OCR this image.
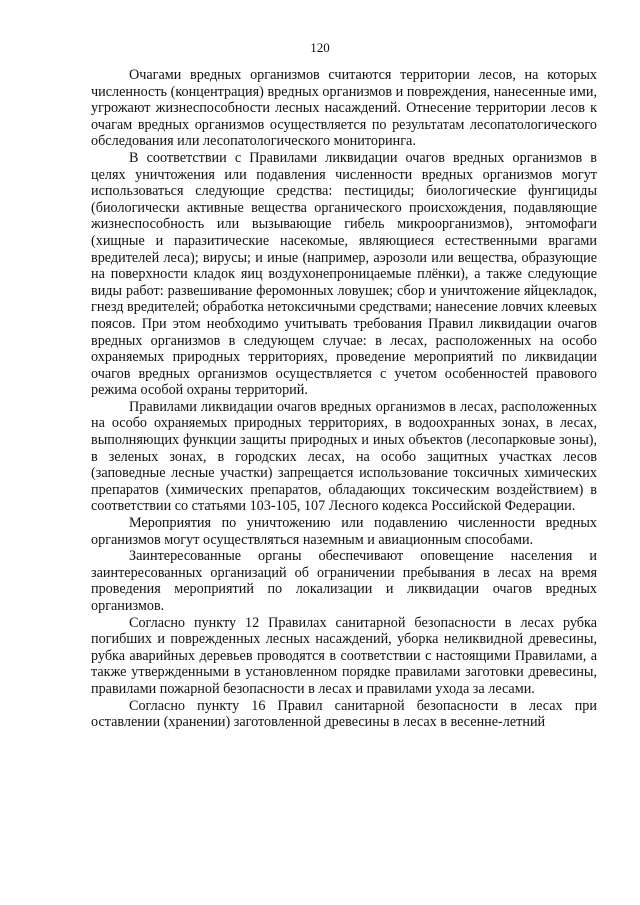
120

Очагами вредных организмов считаются территории лесов, на которых численность (концентрация) вредных организмов и повреждения, нанесенные ими, угрожают жизнеспособности лесных насаждений. Отнесение территории лесов к очагам вредных организмов осуществляется по результатам лесопатологического обследования или лесопатологического мониторинга.

В соответствии с Правилами ликвидации очагов вредных организмов в целях уничтожения или подавления численности вредных организмов могут использоваться следующие средства: пестициды; биологические фунгициды (биологически активные вещества органического происхождения, подавляющие жизнеспособность или вызывающие гибель микроорганизмов), энтомофаги (хищные и паразитические насекомые, являющиеся естественными врагами вредителей леса); вирусы; и иные (например, аэрозоли или вещества, образующие на поверхности кладок яиц воздухонепроницаемые плёнки), а также следующие виды работ: развешивание феромонных ловушек; сбор и уничтожение яйцекладок, гнезд вредителей; обработка нетоксичными средствами; нанесение ловчих клеевых поясов. При этом необходимо учитывать требования Правил ликвидации очагов вредных организмов в следующем случае: в лесах, расположенных на особо охраняемых природных территориях, проведение мероприятий по ликвидации очагов вредных организмов осуществляется с учетом особенностей правового режима особой охраны территорий.

Правилами ликвидации очагов вредных организмов в лесах, расположенных на особо охраняемых природных территориях, в водоохранных зонах, в лесах, выполняющих функции защиты природных и иных объектов (лесопарковые зоны), в зеленых зонах, в городских лесах, на особо защитных участках лесов (заповедные лесные участки) запрещается использование токсичных химических препаратов (химических препаратов, обладающих токсическим воздействием) в соответствии со статьями 103-105, 107 Лесного кодекса Российской Федерации.

Мероприятия по уничтожению или подавлению численности вредных организмов могут осуществляться наземным и авиационным способами.

Заинтересованные органы обеспечивают оповещение населения и заинтересованных организаций об ограничении пребывания в лесах на время проведения мероприятий по локализации и ликвидации очагов вредных организмов.

Согласно пункту 12 Правилах санитарной безопасности в лесах рубка погибших и поврежденных лесных насаждений, уборка неликвидной древесины, рубка аварийных деревьев проводятся в соответствии с настоящими Правилами, а также утвержденными в установленном порядке правилами заготовки древесины, правилами пожарной безопасности в лесах и правилами ухода за лесами.

Согласно пункту 16 Правил санитарной безопасности в лесах при оставлении (хранении) заготовленной древесины в лесах в весенне-летний
